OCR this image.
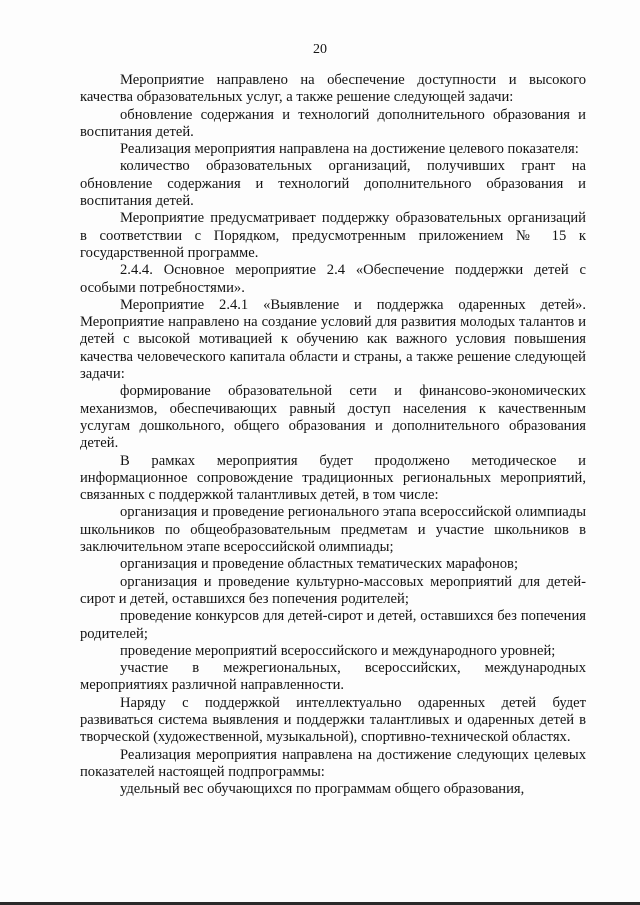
20

Мероприятие направлено на обеспечение доступности и высокого качества образовательных услуг, а также решение следующей задачи:

обновление содержания и технологий дополнительного образования и воспитания детей.

Реализация мероприятия направлена на достижение целевого показателя:

количество образовательных организаций, получивших грант на обновление содержания и технологий дополнительного образования и воспитания детей.

Мероприятие предусматривает поддержку образовательных организаций в соответствии с Порядком, предусмотренным приложением № 15 к государственной программе.

2.4.4. Основное мероприятие 2.4 «Обеспечение поддержки детей с особыми потребностями».

Мероприятие 2.4.1 «Выявление и поддержка одаренных детей». Мероприятие направлено на создание условий для развития молодых талантов и детей с высокой мотивацией к обучению как важного условия повышения качества человеческого капитала области и страны, а также решение следующей задачи:

формирование образовательной сети и финансово-экономических механизмов, обеспечивающих равный доступ населения к качественным услугам дошкольного, общего образования и дополнительного образования детей.

В рамках мероприятия будет продолжено методическое и информационное сопровождение традиционных региональных мероприятий, связанных с поддержкой талантливых детей, в том числе:

организация и проведение регионального этапа всероссийской олимпиады школьников по общеобразовательным предметам и участие школьников в заключительном этапе всероссийской олимпиады;

организация и проведение областных тематических марафонов;

организация и проведение культурно-массовых мероприятий для детей-сирот и детей, оставшихся без попечения родителей;

проведение конкурсов для детей-сирот и детей, оставшихся без попечения родителей;

проведение мероприятий всероссийского и международного уровней;

участие в межрегиональных, всероссийских, международных мероприятиях различной направленности.

Наряду с поддержкой интеллектуально одаренных детей будет развиваться система выявления и поддержки талантливых и одаренных детей в творческой (художественной, музыкальной), спортивно-технической областях.

Реализация мероприятия направлена на достижение следующих целевых показателей настоящей подпрограммы:

удельный вес обучающихся по программам общего образования,
